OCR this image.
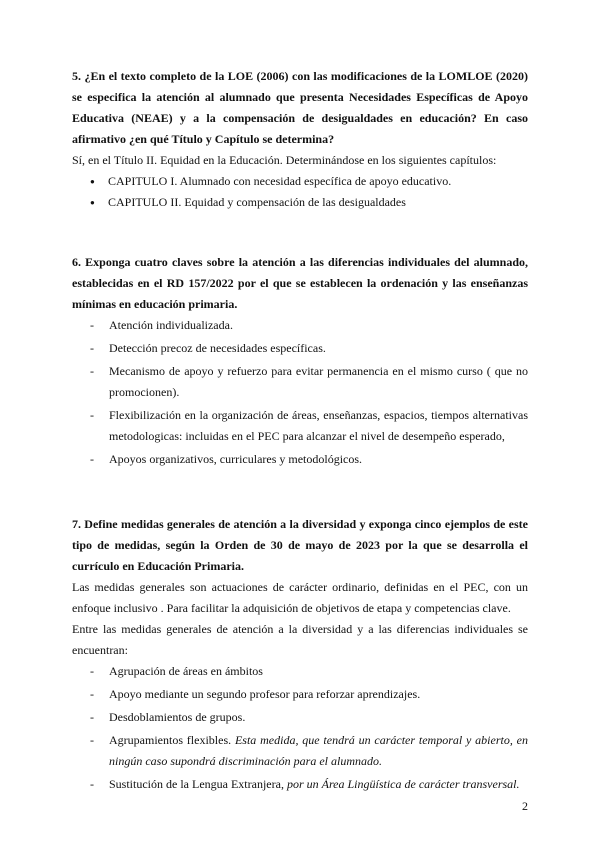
5. ¿En el texto completo de la LOE (2006) con las modificaciones de la LOMLOE (2020) se especifica la atención al alumnado que presenta Necesidades Específicas de Apoyo Educativa (NEAE) y a la compensación de desigualdades en educación? En caso afirmativo ¿en qué Título y Capítulo se determina?

Sí, en el Título II. Equidad en la Educación. Determinándose en los siguientes capítulos:

● CAPITULO I. Alumnado con necesidad específica de apoyo educativo.
● CAPITULO II. Equidad y compensación de las desigualdades

6. Exponga cuatro claves sobre la atención a las diferencias individuales del alumnado, establecidas en el RD 157/2022 por el que se establecen la ordenación y las enseñanzas mínimas en educación primaria.

- Atención individualizada.
- Detección precoz de necesidades específicas.
- Mecanismo de apoyo y refuerzo para evitar permanencia en el mismo curso ( que no promocionen).
- Flexibilización en la organización de áreas, enseñanzas, espacios, tiempos alternativas metodologicas: incluidas en el PEC para alcanzar el nivel de desempeño esperado,
- Apoyos organizativos, curriculares y metodológicos.

7. Define medidas generales de atención a la diversidad y exponga cinco ejemplos de este tipo de medidas, según la Orden de 30 de mayo de 2023 por la que se desarrolla el currículo en Educación Primaria.

Las medidas generales son actuaciones de carácter ordinario, definidas en el PEC, con un enfoque inclusivo . Para facilitar la adquisición de objetivos de etapa y competencias clave.

Entre las medidas generales de atención a la diversidad y a las diferencias individuales se encuentran:

- Agrupación de áreas en ámbitos
- Apoyo mediante un segundo profesor para reforzar aprendizajes.
- Desdoblamientos de grupos.
- Agrupamientos flexibles. Esta medida, que tendrá un carácter temporal y abierto, en ningún caso supondrá discriminación para el alumnado.
- Sustitución de la Lengua Extranjera, por un Área Lingüística de carácter transversal.
2
